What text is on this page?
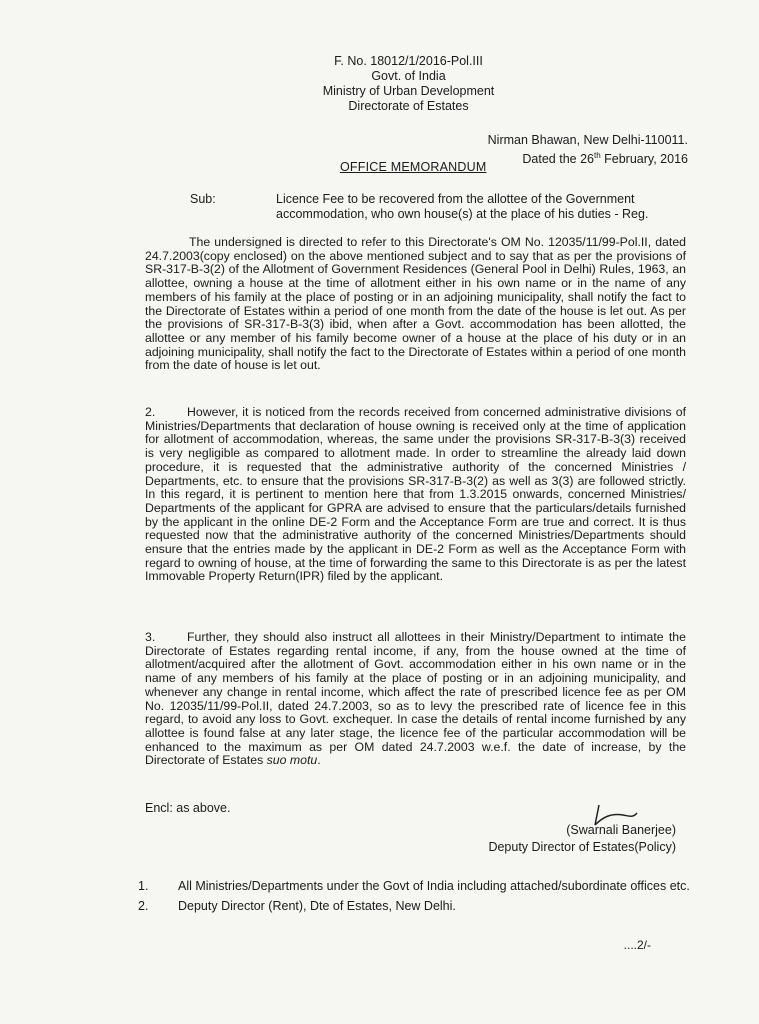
F. No. 18012/1/2016-Pol.III
Govt. of India
Ministry of Urban Development
Directorate of Estates
Nirman Bhawan, New Delhi-110011.
Dated the 26th February, 2016
OFFICE MEMORANDUM
Sub:	Licence Fee to be recovered from the allottee of the Government accommodation, who own house(s) at the place of his duties - Reg.
The undersigned is directed to refer to this Directorate's OM No. 12035/11/99-Pol.II, dated 24.7.2003(copy enclosed) on the above mentioned subject and to say that as per the provisions of SR-317-B-3(2) of the Allotment of Government Residences (General Pool in Delhi) Rules, 1963, an allottee, owning a house at the time of allotment either in his own name or in the name of any members of his family at the place of posting or in an adjoining municipality, shall notify the fact to the Directorate of Estates within a period of one month from the date of the house is let out. As per the provisions of SR-317-B-3(3) ibid, when after a Govt. accommodation has been allotted, the allottee or any member of his family become owner of a house at the place of his duty or in an adjoining municipality, shall notify the fact to the Directorate of Estates within a period of one month from the date of house is let out.
2.	However, it is noticed from the records received from concerned administrative divisions of Ministries/Departments that declaration of house owning is received only at the time of application for allotment of accommodation, whereas, the same under the provisions SR-317-B-3(3) received is very negligible as compared to allotment made. In order to streamline the already laid down procedure, it is requested that the administrative authority of the concerned Ministries / Departments, etc. to ensure that the provisions SR-317-B-3(2) as well as 3(3) are followed strictly. In this regard, it is pertinent to mention here that from 1.3.2015 onwards, concerned Ministries/ Departments of the applicant for GPRA are advised to ensure that the particulars/details furnished by the applicant in the online DE-2 Form and the Acceptance Form are true and correct. It is thus requested now that the administrative authority of the concerned Ministries/Departments should ensure that the entries made by the applicant in DE-2 Form as well as the Acceptance Form with regard to owning of house, at the time of forwarding the same to this Directorate is as per the latest Immovable Property Return(IPR) filed by the applicant.
3.	Further, they should also instruct all allottees in their Ministry/Department to intimate the Directorate of Estates regarding rental income, if any, from the house owned at the time of allotment/acquired after the allotment of Govt. accommodation either in his own name or in the name of any members of his family at the place of posting or in an adjoining municipality, and whenever any change in rental income, which affect the rate of prescribed licence fee as per OM No. 12035/11/99-Pol.II, dated 24.7.2003, so as to levy the prescribed rate of licence fee in this regard, to avoid any loss to Govt. exchequer. In case the details of rental income furnished by any allottee is found false at any later stage, the licence fee of the particular accommodation will be enhanced to the maximum as per OM dated 24.7.2003 w.e.f. the date of increase, by the Directorate of Estates suo motu.
Encl: as above.
(Swarnali Banerjee)
Deputy Director of Estates(Policy)
1. All Ministries/Departments under the Govt of India including attached/subordinate offices etc.
2. Deputy Director (Rent), Dte of Estates, New Delhi.
....2/-
